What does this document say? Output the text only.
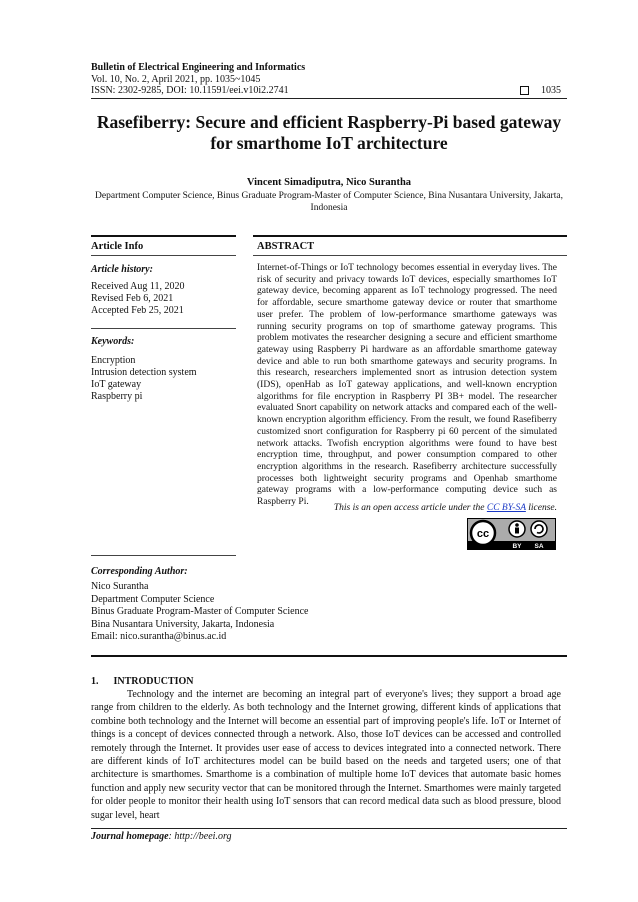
Bulletin of Electrical Engineering and Informatics
Vol. 10, No. 2, April 2021, pp. 1035~1045
ISSN: 2302-9285, DOI: 10.11591/eei.v10i2.2741	1035
Rasefiberry: Secure and efficient Raspberry-Pi based gateway for smarthome IoT architecture
Vincent Simadiputra, Nico Surantha
Department Computer Science, Binus Graduate Program-Master of Computer Science, Bina Nusantara University, Jakarta, Indonesia
Article Info
Article history:
Received Aug 11, 2020
Revised Feb 6, 2021
Accepted Feb 25, 2021
Keywords:
Encryption
Intrusion detection system
IoT gateway
Raspberry pi
ABSTRACT
Internet-of-Things or IoT technology becomes essential in everyday lives. The risk of security and privacy towards IoT devices, especially smarthomes IoT gateway device, becoming apparent as IoT technology progressed. The need for affordable, secure smarthome gateway device or router that smarthome user prefer. The problem of low-performance smarthome gateways was running security programs on top of smarthome gateway programs. This problem motivates the researcher designing a secure and efficient smarthome gateway using Raspberry Pi hardware as an affordable smarthome gateway device and able to run both smarthome gateways and security programs. In this research, researchers implemented snort as intrusion detection system (IDS), openHab as IoT gateway applications, and well-known encryption algorithms for file encryption in Raspberry PI 3B+ model. The researcher evaluated Snort capability on network attacks and compared each of the well-known encryption algorithm efficiency. From the result, we found Rasefiberry customized snort configuration for Raspberry pi 60 percent of the simulated network attacks. Twofish encryption algorithms were found to have best encryption time, throughput, and power consumption compared to other encryption algorithms in the research. Rasefiberry architecture successfully processes both lightweight security programs and Openhab smarthome gateway programs with a low-performance computing device such as Raspberry Pi.
This is an open access article under the CC BY-SA license.
cc
BY SA
Corresponding Author:
Nico Surantha
Department Computer Science
Binus Graduate Program-Master of Computer Science
Bina Nusantara University, Jakarta, Indonesia
Email: nico.surantha@binus.ac.id
1.      INTRODUCTION
Technology and the internet are becoming an integral part of everyone's lives; they support a broad age range from children to the elderly. As both technology and the Internet growing, different kinds of applications that combine both technology and the Internet will become an essential part of improving people's life. IoT or Internet of things is a concept of devices connected through a network. Also, those IoT devices can be accessed and controlled remotely through the Internet. It provides user ease of access to devices integrated into a connected network. There are different kinds of IoT architectures model can be build based on the needs and targeted users; one of that architecture is smarthomes. Smarthome is a combination of multiple home IoT devices that automate basic homes function and apply new security vector that can be monitored through the Internet. Smarthomes were mainly targeted for older people to monitor their health using IoT sensors that can record medical data such as blood pressure, blood sugar level, heart
Journal homepage: http://beei.org
